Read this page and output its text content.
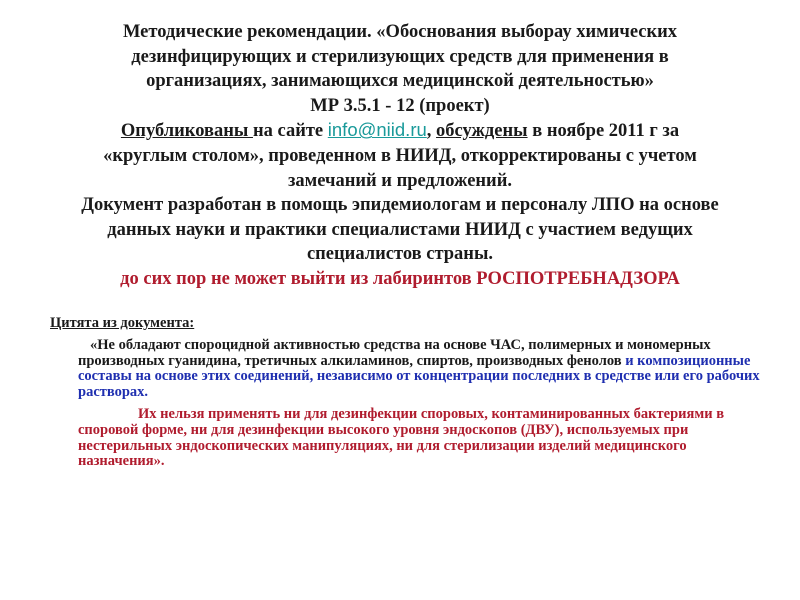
Методические рекомендации. «Обоснования выборау химических

дезинфицирующих и стерилизующих средств для применения в

организациях, занимающихся медицинской деятельностью»

МР 3.5.1 - 12 (проект)

Опубликованы на сайте info@niid.ru, обсуждены в ноябре 2011 г за

«круглым столом», проведенном в НИИД, откорректированы с учетом

замечаний и предложений.

Документ разработан в помощь эпидемиологам и персоналу ЛПО на основе

данных науки и практики специалистами НИИД с участием ведущих

специалистов страны.

до сих пор не может выйти из лабиринтов РОСПОТРЕБНАДЗОРА

Цитята из документа:

«Не обладают спороцидной активностью средства на основе ЧАС, полимерных и мономерных производных гуанидина, третичных алкиламинов, спиртов, производных фенолов и композиционные составы на основе этих соединений, независимо от концентрации последних в средстве или его рабочих растворах.

Их нельзя применять ни для дезинфекции споровых, контаминированных бактериями в споровой форме, ни для дезинфекции высокого уровня эндоскопов (ДВУ), используемых при нестерильных эндоскопических манипуляциях, ни для стерилизации изделий медицинского назначения».
